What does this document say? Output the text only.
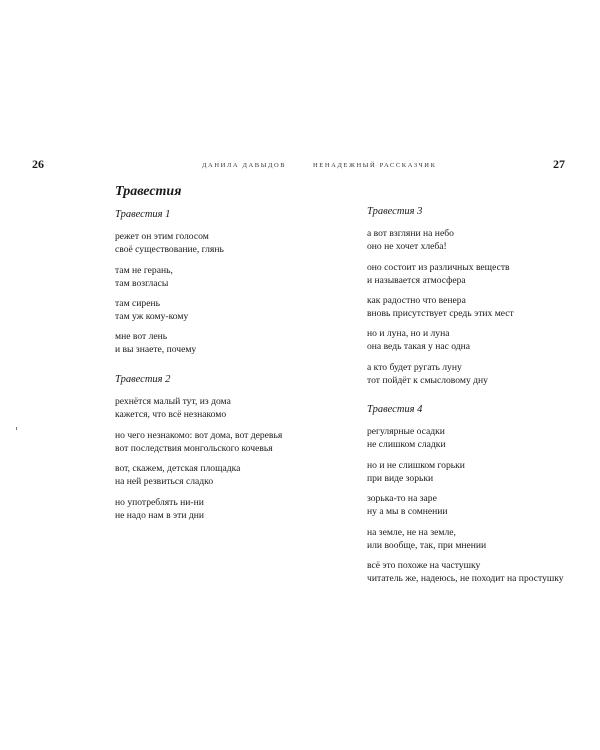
26	ДАНИЛА ДАВЫДОВ	НЕНАДЕЖНЫЙ РАССКАЗЧИК	27
Травестия
Травестия 1
режет он этим голосом
своё существование, глянь
там не герань,
там возгласы
там сирень
там уж кому-кому
мне вот лень
и вы знаете, почему
Травестия 2
рехнётся малый тут, из дома
кажется, что всё незнакомо
но чего незнакомо: вот дома, вот деревья
вот последствия монгольского кочевья
вот, скажем, детская площадка
на ней резвиться сладко
но употреблять ни-ни
не надо нам в эти дни
Травестия 3
а вот взгляни на небо
оно не хочет хлеба!
оно состоит из различных веществ
и называется атмосфера
как радостно что венера
вновь присутствует средь этих мест
но и луна, но и луна
она ведь такая у нас одна
а кто будет ругать луну
тот пойдёт к смысловому дну
Травестия 4
регулярные осадки
не слишком сладки
но и не слишком горьки
при виде зорьки
зорька-то на заре
ну а мы в сомнении
на земле, не на земле,
или вообще, так, при мнении
всё это похоже на частушку
читатель же, надеюсь, не походит на простушку
